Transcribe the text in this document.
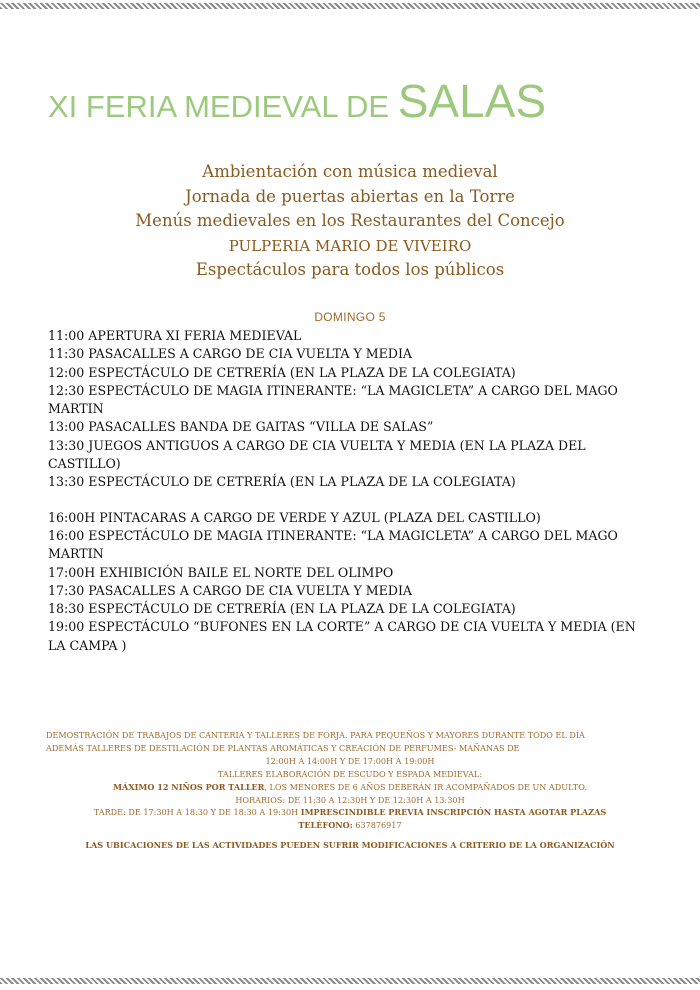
XI FERIA MEDIEVAL DE SALAS
Ambientación con música medieval
Jornada de puertas abiertas en la Torre
Menús medievales en los Restaurantes del Concejo
PULPERIA MARIO DE VIVEIRO
Espectáculos para todos los públicos
DOMINGO 5
11:00 APERTURA XI FERIA MEDIEVAL
11:30 PASACALLES A CARGO DE CIA VUELTA Y MEDIA
12:00 ESPECTÁCULO DE CETRERÍA (EN LA PLAZA DE LA COLEGIATA)
12:30 ESPECTÁCULO DE MAGIA ITINERANTE: “LA MAGICLETA” A CARGO DEL MAGO MARTIN
13:00 PASACALLES BANDA DE GAITAS “VILLA DE SALAS”
13:30 JUEGOS ANTIGUOS A CARGO DE CIA VUELTA Y MEDIA (EN LA PLAZA DEL CASTILLO)
13:30 ESPECTÁCULO DE CETRERÍA (EN LA PLAZA DE LA COLEGIATA)
16:00H PINTACARAS A CARGO DE VERDE Y AZUL (PLAZA DEL CASTILLO)
16:00 ESPECTÁCULO DE MAGIA ITINERANTE: “LA MAGICLETA” A CARGO DEL MAGO MARTIN
17:00H EXHIBICIÓN BAILE EL NORTE DEL OLIMPO
17:30 PASACALLES A CARGO DE CIA VUELTA Y MEDIA
18:30 ESPECTÁCULO DE CETRERÍA (EN LA PLAZA DE LA COLEGIATA)
19:00 ESPECTÁCULO “BUFONES EN LA CORTE” A CARGO DE CIA VUELTA Y MEDIA (EN LA CAMPA )
DEMOSTRACIÓN DE TRABAJOS DE CANTERIA Y TALLERES DE FORJA. PARA PEQUEÑOS Y MAYORES DURANTE TODO EL DÍA
ADEMÁS TALLERES DE DESTILACIÓN DE PLANTAS AROMÁTICAS Y CREACIÓN DE PERFUMES- MAÑANAS DE
12:00H A 14:00H Y DE 17:00H A 19:00H
TALLERES ELABORACIÓN DE ESCUDO Y ESPADA MEDIEVAL:
MÁXIMO 12 NIÑOS POR TALLER, LOS MENORES DE 6 AÑOS DEBERÁN IR ACOMPAÑADOS DE UN ADULTO.
HORARIOS: DE 11:30 A 12:30H Y DE 12:30H A 13:30H
TARDE: DE 17:30H A 18:30 Y DE 18:30 A 19:30H IMPRESCINDIBLE PREVIA INSCRIPCIÓN HASTA AGOTAR PLAZAS
TELÉFONO: 637876917
LAS UBICACIONES DE LAS ACTIVIDADES PUEDEN SUFRIR MODIFICACIONES A CRITERIO DE LA ORGANIZACIÓN
